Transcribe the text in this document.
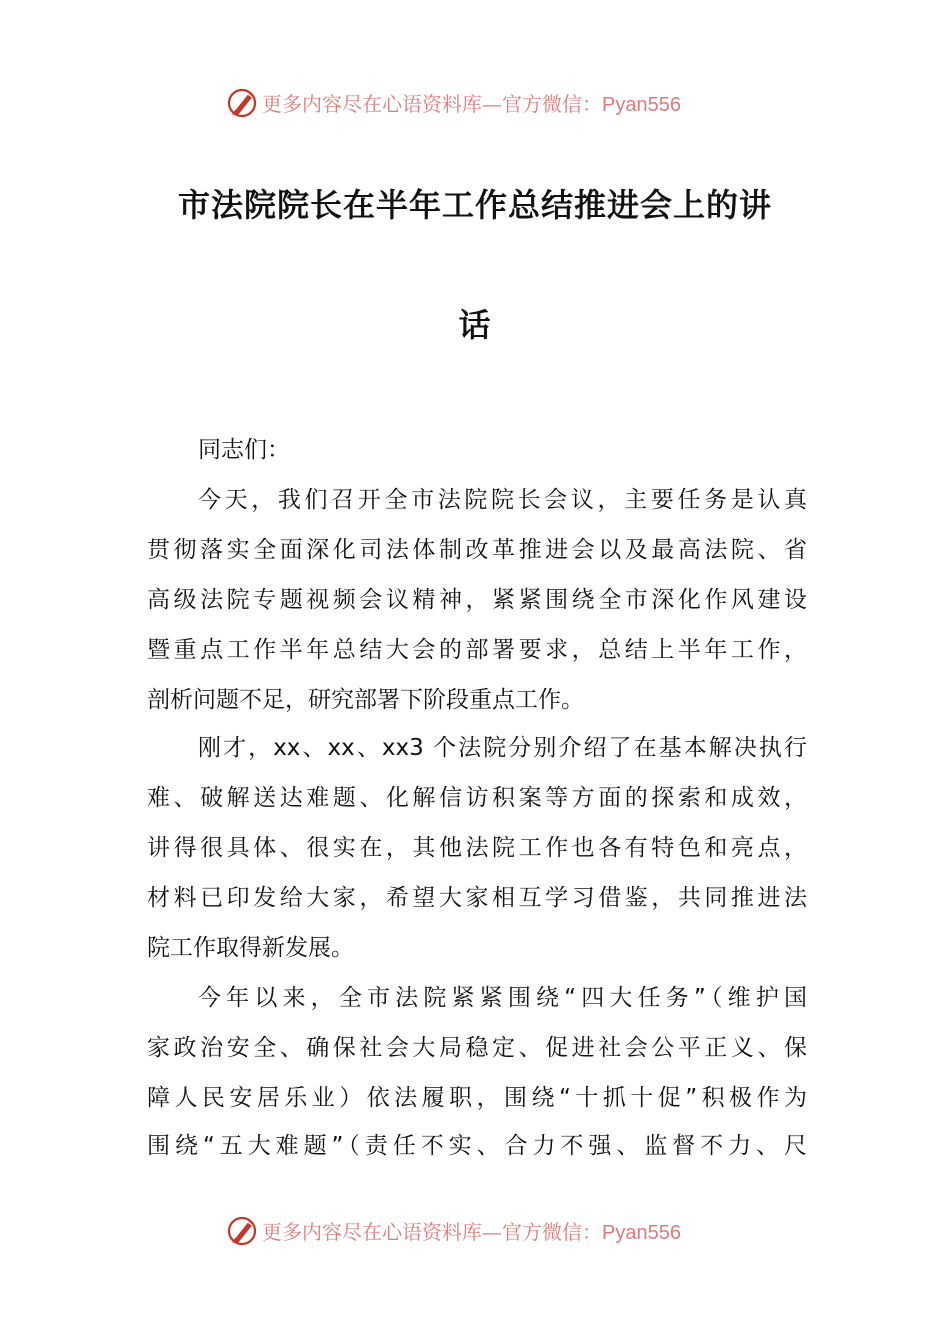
更多内容尽在心语资料库—官方微信：Pyan556
市法院院长在半年工作总结推进会上的讲
话
同志们：
今天，我们召开全市法院院长会议，主要任务是认真
贯彻落实全面深化司法体制改革推进会以及最高法院、省
高级法院专题视频会议精神，紧紧围绕全市深化作风建设
暨重点工作半年总结大会的部署要求，总结上半年工作，
剖析问题不足，研究部署下阶段重点工作。
刚才，xx、xx、xx3 个法院分别介绍了在基本解决执行
难、破解送达难题、化解信访积案等方面的探索和成效，
讲得很具体、很实在，其他法院工作也各有特色和亮点，
材料已印发给大家，希望大家相互学习借鉴，共同推进法
院工作取得新发展。
今年以来，全市法院紧紧围绕“四大任务”（维护国
家政治安全、确保社会大局稳定、促进社会公平正义、保
障人民安居乐业）依法履职，围绕“十抓十促”积极作为
围绕“五大难题”（责任不实、合力不强、监督不力、尺
更多内容尽在心语资料库—官方微信：Pyan556
